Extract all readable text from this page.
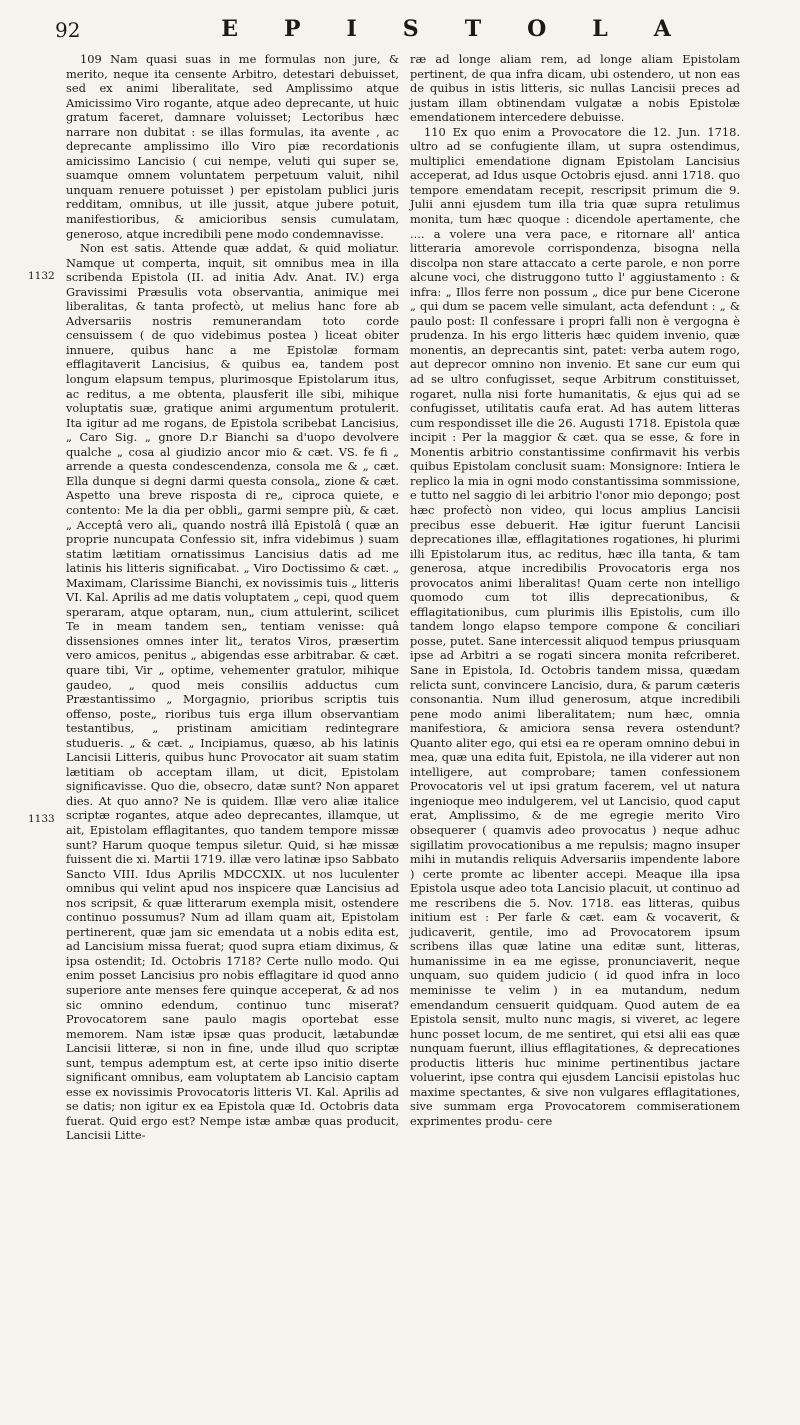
92	EPISTOLA
1132
1133

109 Nam quasi suas in me formulas non jure, & merito, neque ita censente Arbitro, detestari debuisset, sed ex animi liberalitate, sed Amplissimo atque Amicissimo Viro rogante, atque adeo deprecante, ut huic gratum faceret, damnare voluisset; Lectoribus hæc narrare non dubitat : se illas formulas, ita avente , ac deprecante amplissimo illo Viro piæ recordationis amicissimo Lancisio ( cui nempe, veluti qui super se, suamque omnem voluntatem perpetuum valuit, nihil unquam renuere potuisset ) per epistolam publici juris redditam, omnibus, ut ille jussit, atque jubere potuit, manifestioribus, & amicioribus sensis cumulatam, generoso, atque incredibili pene modo condemnavisse.

Non est satis. Attende quæ addat, & quid moliatur. Namque ut comperta, inquit, sit omnibus mea in illa scribenda Epistola (II. ad initia Adv. Anat. IV.) erga Gravissimi Præsulis vota observantia, animique mei liberalitas, & tanta profectò, ut melius hanc fore ab Adversariis nostris remunerandam toto corde censuissem ( de quo videbimus postea ) liceat obiter innuere, quibus hanc a me Epistolæ formam efflagitaverit Lancisius, & quibus ea, tandem post longum elapsum tempus, plurimosque Epistolarum itus, ac reditus, a me obtenta, plausferit ille sibi, mihique voluptatis suæ, gratique animi argumentum protulerit. Ita igitur ad me rogans, de Epistola scribebat Lancisius, „ Caro Sig. „ gnore D.r Bianchi sa d'uopo devolvere qualche „ cosa al giudizio ancor mio & cæt. VS. fe fi „ arrende a questa condescendenza, consola me & „ cæt. Ella dunque si degni darmi questa consola„ zione & cæt. Aspetto una breve risposta di re„ ciproca quiete, e contento: Me la dia per obbli„ garmi sempre più, & cæt. „ Acceptâ vero ali„ quando nostrâ illâ Epistolâ ( quæ an proprie nuncupata Confessio sit, infra videbimus ) suam statim lætitiam ornatissimus Lancisius datis ad me latinis his litteris significabat. „ Viro Doctissimo & cæt. „ Maximam, Clarissime Bianchi, ex novissimis tuis „ litteris VI. Kal. Aprilis ad me datis voluptatem „ cepi, quod quem speraram, atque optaram, nun„ cium attulerint, scilicet Te in meam tandem sen„ tentiam venisse: quâ dissensiones omnes inter lit„ teratos Viros, præsertim vero amicos, penitus „ abigendas esse arbitrabar. & cæt. quare tibi, Vir „ optime, vehementer gratulor, mihique gaudeo, „ quod meis consiliis adductus cum Præstantissimo „ Morgagnio, prioribus scriptis tuis offenso, poste„ rioribus tuis erga illum observantiam testantibus, „ pristinam amicitiam redintegrare studueris. „ & cæt. „ Incipiamus, quæso, ab his latinis Lancisii Litteris, quibus hunc Provocator ait suam statim lætitiam ob acceptam illam, ut dicit, Epistolam significavisse. Quo die, obsecro, datæ sunt? Non apparet dies. At quo anno? Ne is quidem. Illæ vero aliæ italice scriptæ rogantes, atque adeo deprecantes, illamque, ut ait, Epistolam efflagitantes, quo tandem tempore missæ sunt? Harum quoque tempus siletur. Quid, si hæ missæ fuissent die xi. Martii 1719. illæ vero latinæ ipso Sabbato Sancto VIII. Idus Aprilis MDCCXIX. ut nos luculenter omnibus qui velint apud nos inspicere quæ Lancisius ad nos scripsit, & quæ litterarum exempla misit, ostendere continuo possumus? Num ad illam quam ait, Epistolam pertinerent, quæ jam sic emendata ut a nobis edita est, ad Lancisium missa fuerat; quod supra etiam diximus, & ipsa ostendit; Id. Octobris 1718? Certe nullo modo. Qui enim posset Lancisius pro nobis efflagitare id quod anno superiore ante menses fere quinque acceperat, & ad nos sic omnino edendum, continuo tunc miserat? Provocatorem sane paulo magis oportebat esse memorem. Nam istæ ipsæ quas producit, lætabundæ Lancisii litteræ, si non in fine, unde illud quo scriptæ sunt, tempus ademptum est, at certe ipso initio diserte significant omnibus, eam voluptatem ab Lancisio captam esse ex novissimis Provocatoris litteris VI. Kal. Aprilis ad se datis; non igitur ex ea Epistola quæ Id. Octobris data fuerat. Quid ergo est? Nempe istæ ambæ quas producit, Lancisii Litte-

ræ ad longe aliam rem, ad longe aliam Epistolam pertinent, de qua infra dicam, ubi ostendero, ut non eas de quibus in istis litteris, sic nullas Lancisii preces ad justam illam obtinendam vulgatæ a nobis Epistolæ emendationem intercedere debuisse.

110 Ex quo enim a Provocatore die 12. Jun. 1718. ultro ad se confugiente illam, ut supra ostendimus, multiplici emendatione dignam Epistolam Lancisius acceperat, ad Idus usque Octobris ejusd. anni 1718. quo tempore emendatam recepit, rescripsit primum die 9. Julii anni ejusdem tum illa tria quæ supra retulimus monita, tum hæc quoque : dicendole apertamente, che .... a volere una vera pace, e ritornare all' antica litteraria amorevole corrispondenza, bisogna nella discolpa non stare attaccato a certe parole, e non porre alcune voci, che distruggono tutto l' aggiustamento : & infra: „ Illos ferre non possum „ dice pur bene Cicerone „ qui dum se pacem velle simulant, acta defendunt : „ & paulo post: Il confessare i propri falli non è vergogna è prudenza. In his ergo litteris hæc quidem invenio, quæ monentis, an deprecantis sint, patet: verba autem rogo, aut deprecor omnino non invenio. Et sane cur eum qui ad se ultro confugisset, seque Arbitrum constituisset, rogaret, nulla nisi forte humanitatis, & ejus qui ad se confugisset, utilitatis caufa erat. Ad has autem litteras cum respondisset ille die 26. Augusti 1718. Epistola quæ incipit : Per la maggior & cæt. qua se esse, & fore in Monentis arbitrio constantissime confirmavit his verbis quibus Epistolam conclusit suam: Monsignore: Intiera le replico la mia in ogni modo constantissima sommissione, e tutto nel saggio di lei arbitrio l'onor mio depongo; post hæc profectò non video, qui locus amplius Lancisii precibus esse debuerit. Hæ igitur fuerunt Lancisii deprecationes illæ, efflagitationes rogationes, hi plurimi illi Epistolarum itus, ac reditus, hæc illa tanta, & tam generosa, atque incredibilis Provocatoris erga nos provocatos animi liberalitas! Quam certe non intelligo quomodo cum tot illis deprecationibus, & efflagitationibus, cum plurimis illis Epistolis, cum illo tandem longo elapso tempore compone & conciliari posse, putet. Sane intercessit aliquod tempus priusquam ipse ad Arbitri a se rogati sincera monita refcriberet. Sane in Epistola, Id. Octobris tandem missa, quædam relicta sunt, convincere Lancisio, dura, & parum cæteris consonantia. Num illud generosum, atque incredibili pene modo animi liberalitatem; num hæc, omnia manifestiora, & amiciora sensa revera ostendunt? Quanto aliter ego, qui etsi ea re operam omnino debui in mea, quæ una edita fuit, Epistola, ne illa viderer aut non intelligere, aut comprobare; tamen confessionem Provocatoris vel ut ipsi gratum facerem, vel ut natura ingenioque meo indulgerem, vel ut Lancisio, quod caput erat, Amplissimo, & de me egregie merito Viro obsequerer ( quamvis adeo provocatus ) neque adhuc sigillatim provocationibus a me repulsis; magno insuper mihi in mutandis reliquis Adversariis impendente labore ) certe promte ac libenter accepi. Meaque illa ipsa Epistola usque adeo tota Lancisio placuit, ut continuo ad me rescribens die 5. Nov. 1718. eas litteras, quibus initium est : Per farle & cæt. eam & vocaverit, & judicaverit, gentile, imo ad Provocatorem ipsum scribens illas quæ latine una editæ sunt, litteras, humanissime in ea me egisse, pronunciaverit, neque unquam, suo quidem judicio ( id quod infra in loco meminisse te velim ) in ea mutandum, nedum emendandum censuerit quidquam. Quod autem de ea Epistola sensit, multo nunc magis, si viveret, ac legere hunc posset locum, de me sentiret, qui etsi alii eas quæ nunquam fuerunt, illius efflagitationes, & deprecationes productis litteris huc minime pertinentibus jactare voluerint, ipse contra qui ejusdem Lancisii epistolas huc maxime spectantes, & sive non vulgares efflagitationes, sive summam erga Provocatorem commiserationem exprimentes produ- cere
